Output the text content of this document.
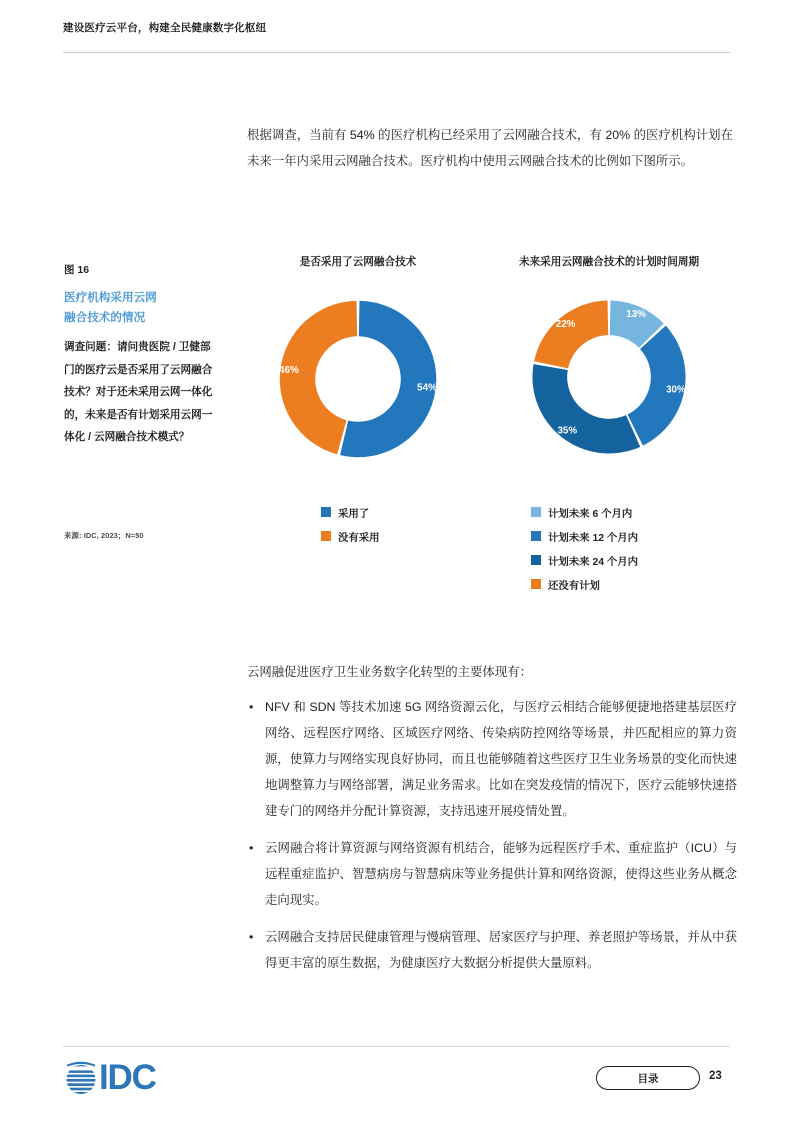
建设医疗云平台，构建全民健康数字化枢纽
根据调查，当前有 54% 的医疗机构已经采用了云网融合技术，有 20% 的医疗机构计划在未来一年内采用云网融合技术。医疗机构中使用云网融合技术的比例如下图所示。
图 16
医疗机构采用云网
融合技术的情况
调查问题：请问贵医院 / 卫健部门的医疗云是否采用了云网融合技术？对于还未采用云网一体化的，未来是否有计划采用云网一体化 / 云网融合技术模式？
来源: IDC, 2023；N=50
是否采用了云网融合技术
54%
46%
未来采用云网融合技术的计划时间周期
13%
30%
35%
22%
采用了
没有采用
计划未来 6 个月内
计划未来 12 个月内
计划未来 24 个月内
还没有计划
云网融促进医疗卫生业务数字化转型的主要体现有：
• NFV 和 SDN 等技术加速 5G 网络资源云化，与医疗云相结合能够便捷地搭建基层医疗网络、远程医疗网络、区域医疗网络、传染病防控网络等场景，并匹配相应的算力资源，使算力与网络实现良好协同，而且也能够随着这些医疗卫生业务场景的变化而快速地调整算力与网络部署，满足业务需求。比如在突发疫情的情况下，医疗云能够快速搭建专门的网络并分配计算资源，支持迅速开展疫情处置。
• 云网融合将计算资源与网络资源有机结合，能够为远程医疗手术、重症监护（ICU）与远程重症监护、智慧病房与智慧病床等业务提供计算和网络资源，使得这些业务从概念走向现实。
• 云网融合支持居民健康管理与慢病管理、居家医疗与护理、养老照护等场景，并从中获得更丰富的原生数据，为健康医疗大数据分析提供大量原料。
IDC	目录	23
